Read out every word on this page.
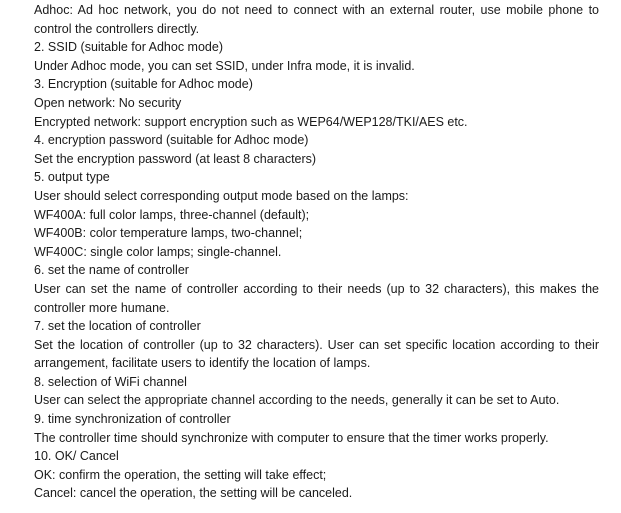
Adhoc: Ad hoc network, you do not need to connect with an external router, use mobile phone to control the controllers directly.
2. SSID (suitable for Adhoc mode)
Under Adhoc mode, you can set SSID, under Infra mode, it is invalid.
3. Encryption (suitable for Adhoc mode)
Open network: No security
Encrypted network: support encryption such as WEP64/WEP128/TKI/AES etc.
4. encryption password (suitable for Adhoc mode)
Set the encryption password (at least 8 characters)
5. output type
User should select corresponding output mode based on the lamps:
WF400A: full color lamps, three-channel (default);
WF400B: color temperature lamps, two-channel;
WF400C: single color lamps; single-channel.
6. set the name of controller
User can set the name of controller according to their needs (up to 32 characters), this makes the controller more humane.
7. set the location of controller
Set the location of controller (up to 32 characters). User can set specific location according to their arrangement, facilitate users to identify the location of lamps.
8. selection of WiFi channel
User can select the appropriate channel according to the needs, generally it can be set to Auto.
9. time synchronization of controller
The controller time should synchronize with computer to ensure that the timer works properly.
10. OK/ Cancel
OK: confirm the operation, the setting will take effect;
Cancel: cancel the operation, the setting will be canceled.
